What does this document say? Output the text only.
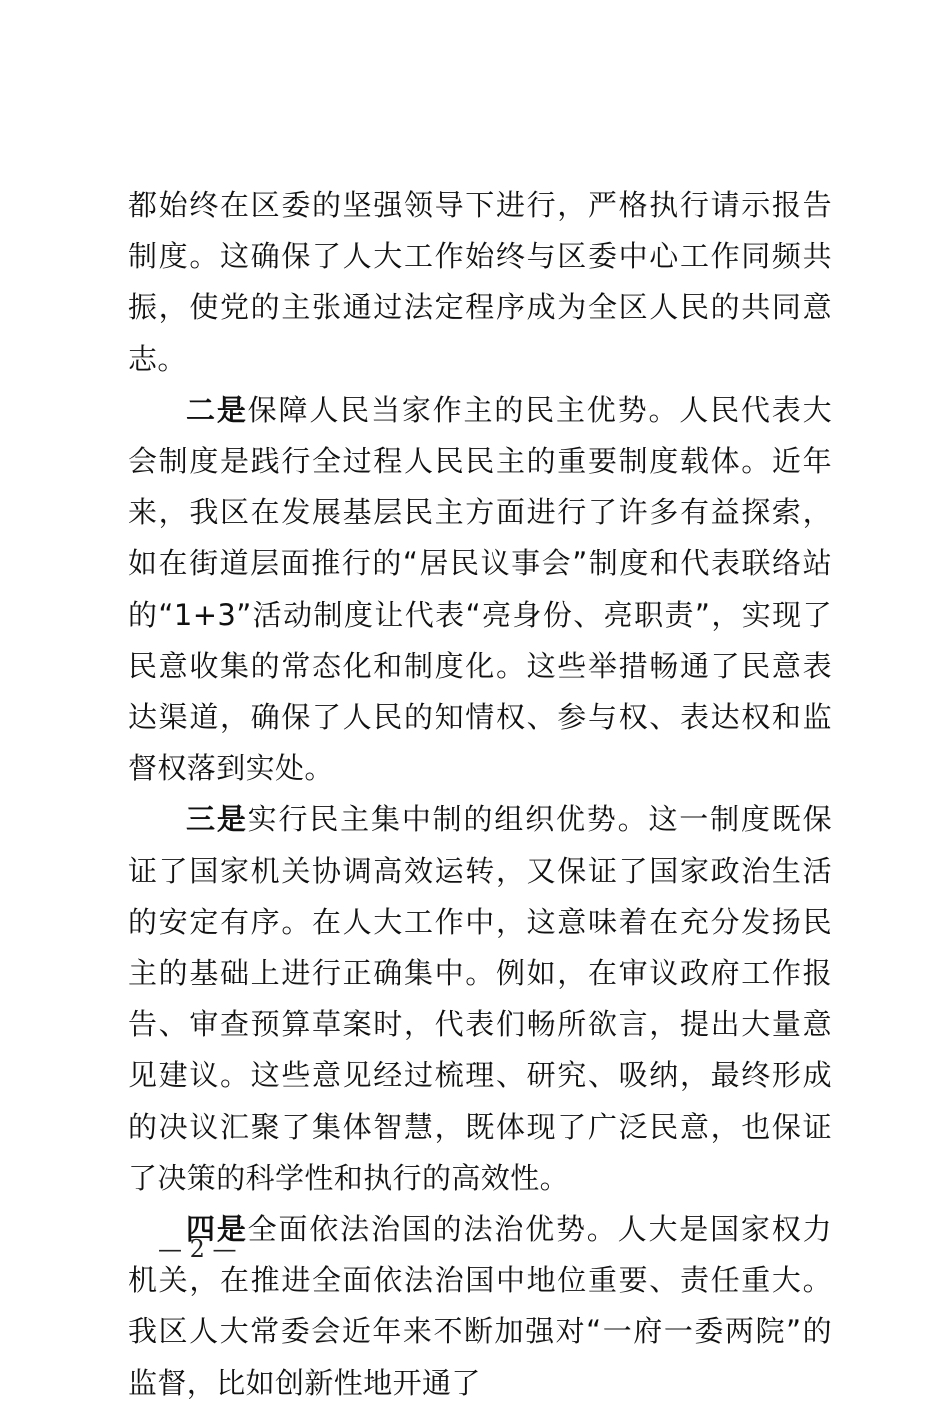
都始终在区委的坚强领导下进行，严格执行请示报告制度。这确保了人大工作始终与区委中心工作同频共振，使党的主张通过法定程序成为全区人民的共同意志。

二是保障人民当家作主的民主优势。人民代表大会制度是践行全过程人民民主的重要制度载体。近年来，我区在发展基层民主方面进行了许多有益探索，如在街道层面推行的“居民议事会”制度和代表联络站的“1+3”活动制度让代表“亮身份、亮职责”，实现了民意收集的常态化和制度化。这些举措畅通了民意表达渠道，确保了人民的知情权、参与权、表达权和监督权落到实处。

三是实行民主集中制的组织优势。这一制度既保证了国家机关协调高效运转，又保证了国家政治生活的安定有序。在人大工作中，这意味着在充分发扬民主的基础上进行正确集中。例如，在审议政府工作报告、审查预算草案时，代表们畅所欲言，提出大量意见建议。这些意见经过梳理、研究、吸纳，最终形成的决议汇聚了集体智慧，既体现了广泛民意，也保证了决策的科学性和执行的高效性。

四是全面依法治国的法治优势。人大是国家权力机关，在推进全面依法治国中地位重要、责任重大。我区人大常委会近年来不断加强对“一府一委两院”的监督，比如创新性地开通了

— 2 —
